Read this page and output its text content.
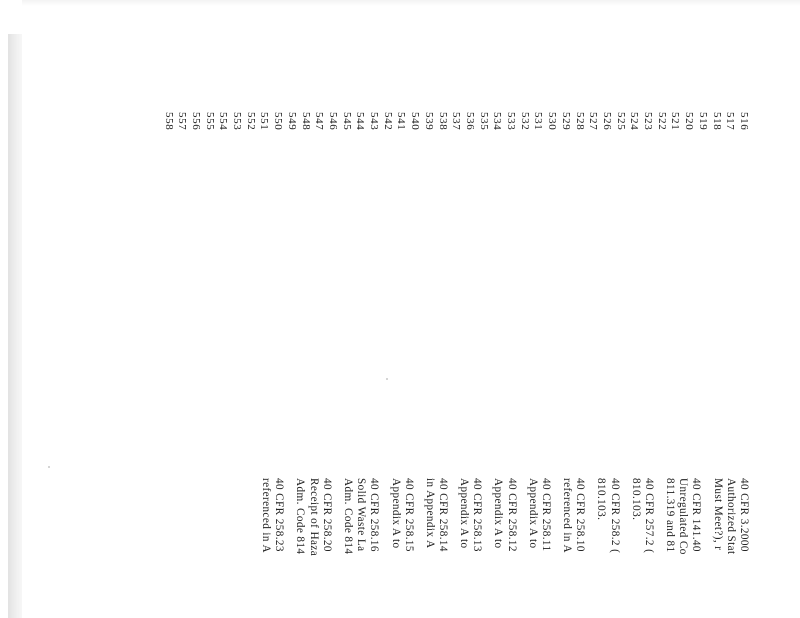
516
517
518
519
520
521
522
523
524
525
526
527
528
529
530
531
532
533
534
535
536
537
538
539
540
541
542
543
544
545
546
547
548
549
550
551
552
553
554
555
556
557
558
40 CFR 3.2000
Authorized Stat
Must Meet?), r
40 CFR 141.40
Unregulated Co
811.319 and 81
40 CFR 257.2 (
810.103.
40 CFR 258.2 (
810.103.
40 CFR 258.10
referenced in A
40 CFR 258.11
Appendix A to
40 CFR 258.12
Appendix A to
40 CFR 258.13
Appendix A to
40 CFR 258.14
in Appendix A
40 CFR 258.15
Appendix A to
40 CFR 258.16
Solid Waste La
Adm. Code 814
40 CFR 258.20
Receipt of Haza
Adm. Code 814
40 CFR 258.23
referenced in A
